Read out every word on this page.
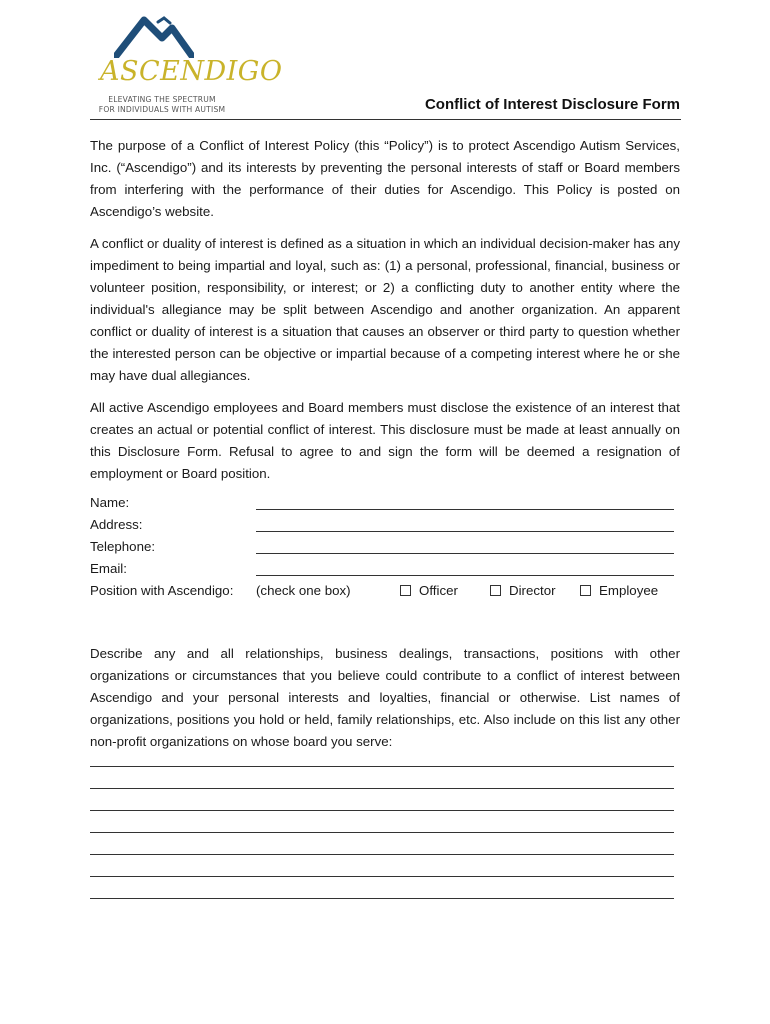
ASCENDIGO
ELEVATING THE SPECTRUM
FOR INDIVIDUALS WITH AUTISM	Conflict of Interest Disclosure Form
The purpose of a Conflict of Interest Policy (this “Policy”) is to protect Ascendigo Autism Services, Inc. (“Ascendigo”) and its interests by preventing the personal interests of staff or Board members from interfering with the performance of their duties for Ascendigo. This Policy is posted on Ascendigo’s website.
A conflict or duality of interest is defined as a situation in which an individual decision-maker has any impediment to being impartial and loyal, such as: (1) a personal, professional, financial, business or volunteer position, responsibility, or interest; or 2) a conflicting duty to another entity where the individual's allegiance may be split between Ascendigo and another organization. An apparent conflict or duality of interest is a situation that causes an observer or third party to question whether the interested person can be objective or impartial because of a competing interest where he or she may have dual allegiances.
All active Ascendigo employees and Board members must disclose the existence of an interest that creates an actual or potential conflict of interest. This disclosure must be made at least annually on this Disclosure Form. Refusal to agree to and sign the form will be deemed a resignation of employment or Board position.
Name:
Address:
Telephone:
Email:
Position with Ascendigo: (check one box)	Officer	Director	Employee
Describe any and all relationships, business dealings, transactions, positions with other organizations or circumstances that you believe could contribute to a conflict of interest between Ascendigo and your personal interests and loyalties, financial or otherwise. List names of organizations, positions you hold or held, family relationships, etc. Also include on this list any other non-profit organizations on whose board you serve:
